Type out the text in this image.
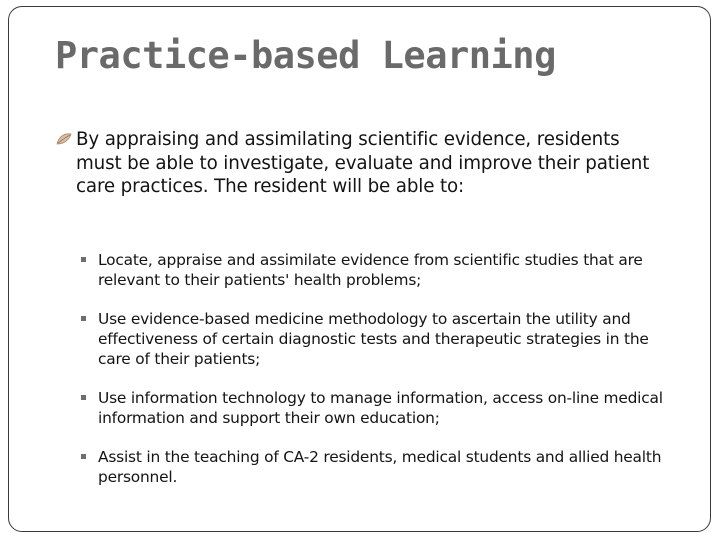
Practice-based Learning
By appraising and assimilating scientific evidence, residents must be able to investigate, evaluate and improve their patient care practices. The resident will be able to:
Locate, appraise and assimilate evidence from scientific studies that are relevant to their patients' health problems;
Use evidence-based medicine methodology to ascertain the utility and effectiveness of certain diagnostic tests and therapeutic strategies in the care of their patients;
Use information technology to manage information, access on-line medical information and support their own education;
Assist in the teaching of CA-2 residents, medical students and allied health personnel.
